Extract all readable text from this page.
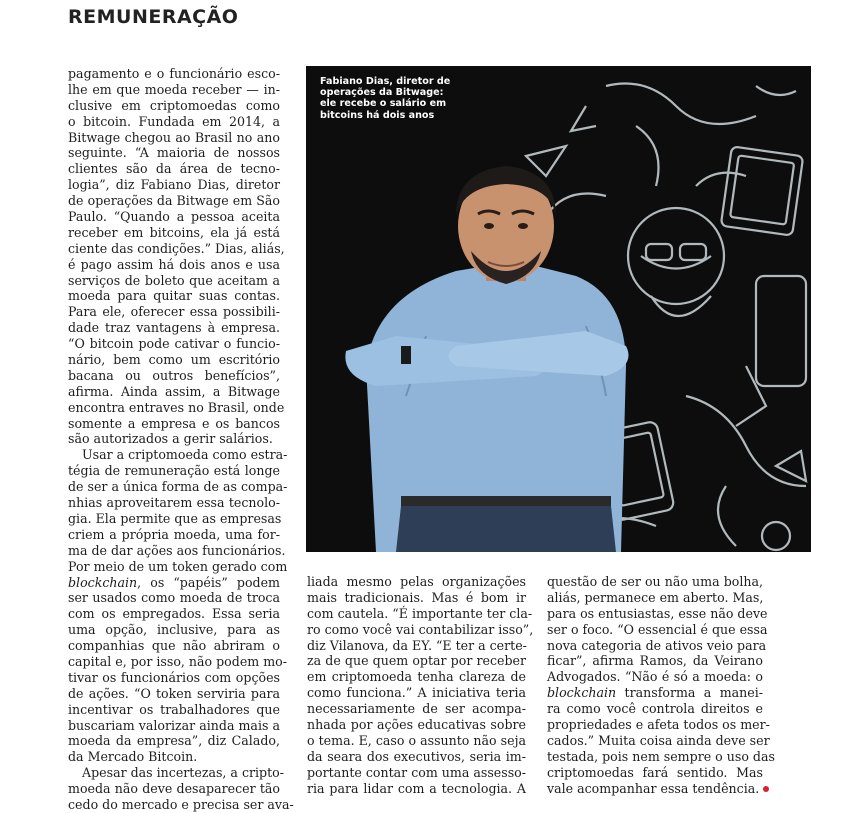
REMUNERAÇÃO
pagamento e o funcionário esco-
lhe em que moeda receber — in-
clusive em criptomoedas como
o bitcoin. Fundada em 2014, a
Bitwage chegou ao Brasil no ano
seguinte. “A maioria de nossos
clientes são da área de tecno-
logia”, diz Fabiano Dias, diretor
de operações da Bitwage em São
Paulo. “Quando a pessoa aceita
receber em bitcoins, ela já está
ciente das condições.” Dias, aliás,
é pago assim há dois anos e usa
serviços de boleto que aceitam a
moeda para quitar suas contas.
Para ele, oferecer essa possibili-
dade traz vantagens à empresa.
“O bitcoin pode cativar o funcio-
nário, bem como um escritório
bacana ou outros benefícios”,
afirma. Ainda assim, a Bitwage
encontra entraves no Brasil, onde
somente a empresa e os bancos
são autorizados a gerir salários.
Usar a criptomoeda como estra-
tégia de remuneração está longe
de ser a única forma de as compa-
nhias aproveitarem essa tecnolo-
gia. Ela permite que as empresas
criem a própria moeda, uma for-
ma de dar ações aos funcionários.
Por meio de um token gerado com
blockchain, os “papéis” podem
ser usados como moeda de troca
com os empregados. Essa seria
uma opção, inclusive, para as
companhias que não abriram o
capital e, por isso, não podem mo-
tivar os funcionários com opções
de ações. “O token serviria para
incentivar os trabalhadores que
buscariam valorizar ainda mais a
moeda da empresa”, diz Calado,
da Mercado Bitcoin.
Apesar das incertezas, a cripto-
moeda não deve desaparecer tão
cedo do mercado e precisa ser ava-
Fabiano Dias, diretor de operações da Bitwage: ele recebe o salário em bitcoins há dois anos
liada mesmo pelas organizações
mais tradicionais. Mas é bom ir
com cautela. “É importante ter cla-
ro como você vai contabilizar isso”,
diz Vilanova, da EY. “E ter a certe-
za de que quem optar por receber
em criptomoeda tenha clareza de
como funciona.” A iniciativa teria
necessariamente de ser acompa-
nhada por ações educativas sobre
o tema. E, caso o assunto não seja
da seara dos executivos, seria im-
portante contar com uma assesso-
ria para lidar com a tecnologia. A
questão de ser ou não uma bolha,
aliás, permanece em aberto. Mas,
para os entusiastas, esse não deve
ser o foco. “O essencial é que essa
nova categoria de ativos veio para
ficar”, afirma Ramos, da Veirano
Advogados. “Não é só a moeda: o
blockchain transforma a manei-
ra como você controla direitos e
propriedades e afeta todos os mer-
cados.” Muita coisa ainda deve ser
testada, pois nem sempre o uso das
criptomoedas fará sentido. Mas
vale acompanhar essa tendência.
